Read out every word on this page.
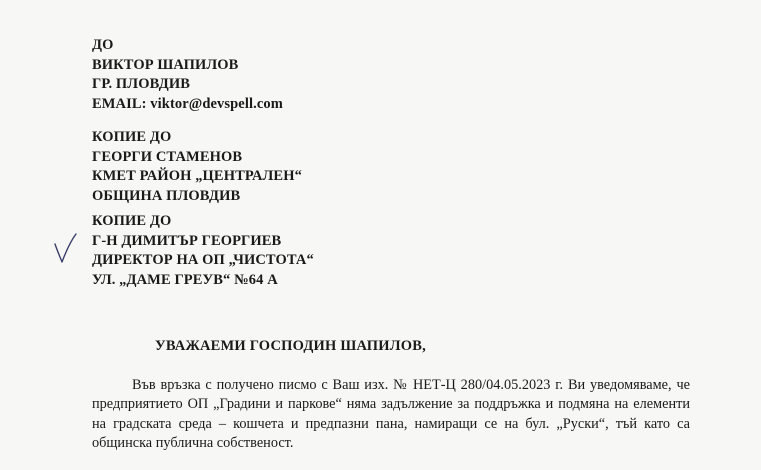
ДО
ВИКТОР ШАПИЛОВ
ГР. ПЛОВДИВ
EMAIL: viktor@devspell.com
КОПИЕ ДО
ГЕОРГИ СТАМЕНОВ
КМЕТ РАЙОН „ЦЕНТРАЛЕН“
ОБЩИНА ПЛОВДИВ
КОПИЕ ДО
Г-Н ДИМИТЪР ГЕОРГИЕВ
ДИРЕКТОР НА ОП „ЧИСТОТА“
УЛ. „ДАМЕ ГРЕУВ“ №64 А
УВАЖАЕМИ ГОСПОДИН ШАПИЛОВ,
Във връзка с получено писмо с Ваш изх. № НЕТ-Ц 280/04.05.2023 г. Ви уведомяваме, че предприятието ОП „Градини и паркове“ няма задължение за поддръжка и подмяна на елементи на градската среда – кошчета и предпазни пана, намиращи се на бул. „Руски“, тъй като са общинска публична собственост.
